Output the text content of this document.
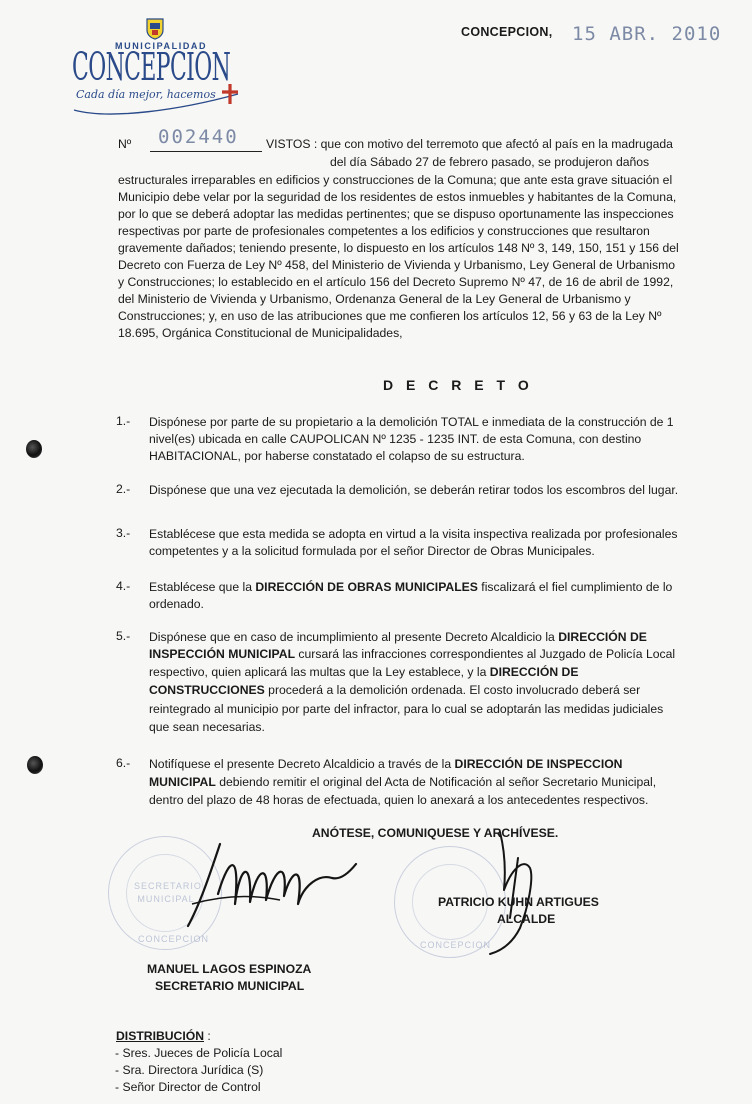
MUNICIPALIDAD
CONCEPCION
Cada día mejor, hacemos
CONCEPCION, 15 ABR. 2010
Nº 002440 VISTOS : que con motivo del terremoto que afectó al país en la madrugada
del día Sábado 27 de febrero pasado, se produjeron daños
estructurales irreparables en edificios y construcciones de la Comuna; que ante esta grave situación el
Municipio debe velar por la seguridad de los residentes de estos inmuebles y habitantes de la Comuna,
por lo que se deberá adoptar las medidas pertinentes; que se dispuso oportunamente las inspecciones
respectivas por parte de profesionales competentes a los edificios y construcciones que resultaron
gravemente dañados; teniendo presente, lo dispuesto en los artículos 148 Nº 3, 149, 150, 151 y 156 del
Decreto con Fuerza de Ley Nº 458, del Ministerio de Vivienda y Urbanismo, Ley General de Urbanismo
y Construcciones; lo establecido en el artículo 156 del Decreto Supremo Nº 47, de 16 de abril de 1992,
del Ministerio de Vivienda y Urbanismo, Ordenanza General de la Ley General de Urbanismo y
Construcciones; y, en uso de las atribuciones que me confieren los artículos 12, 56 y 63 de la Ley Nº
18.695, Orgánica Constitucional de Municipalidades,
D E C R E T O
1.- Dispónese por parte de su propietario a la demolición TOTAL e inmediata de la construcción de 1
nivel(es) ubicada en calle CAUPOLICAN Nº 1235 - 1235 INT. de esta Comuna, con destino
HABITACIONAL, por haberse constatado el colapso de su estructura.
2.- Dispónese que una vez ejecutada la demolición, se deberán retirar todos los escombros del lugar.
3.- Establécese que esta medida se adopta en virtud a la visita inspectiva realizada por profesionales
competentes y a la solicitud formulada por el señor Director de Obras Municipales.
4.- Establécese que la DIRECCIÓN DE OBRAS MUNICIPALES fiscalizará el fiel cumplimiento de lo
ordenado.
5.- Dispónese que en caso de incumplimiento al presente Decreto Alcaldicio la DIRECCIÓN DE
INSPECCIÓN MUNICIPAL cursará las infracciones correspondientes al Juzgado de Policía Local
respectivo, quien aplicará las multas que la Ley establece, y la DIRECCIÓN DE
CONSTRUCCIONES procederá a la demolición ordenada. El costo involucrado deberá ser
reintegrado al municipio por parte del infractor, para lo cual se adoptarán las medidas judiciales
que sean necesarias.
6.- Notifíquese el presente Decreto Alcaldicio a través de la DIRECCIÓN DE INSPECCION
MUNICIPAL debiendo remitir el original del Acta de Notificación al señor Secretario Municipal,
dentro del plazo de 48 horas de efectuada, quien lo anexará a los antecedentes respectivos.
ANÓTESE, COMUNIQUESE Y ARCHÍVESE.
SECRETARIO MUNICIPAL
CONCEPCION
CONCEPCION
PATRICIO KUHN ARTIGUES
ALCALDE
MANUEL LAGOS ESPINOZA
SECRETARIO MUNICIPAL
DISTRIBUCIÓN :
- Sres. Jueces de Policía Local
- Sra. Directora Jurídica (S)
- Señor Director de Control
